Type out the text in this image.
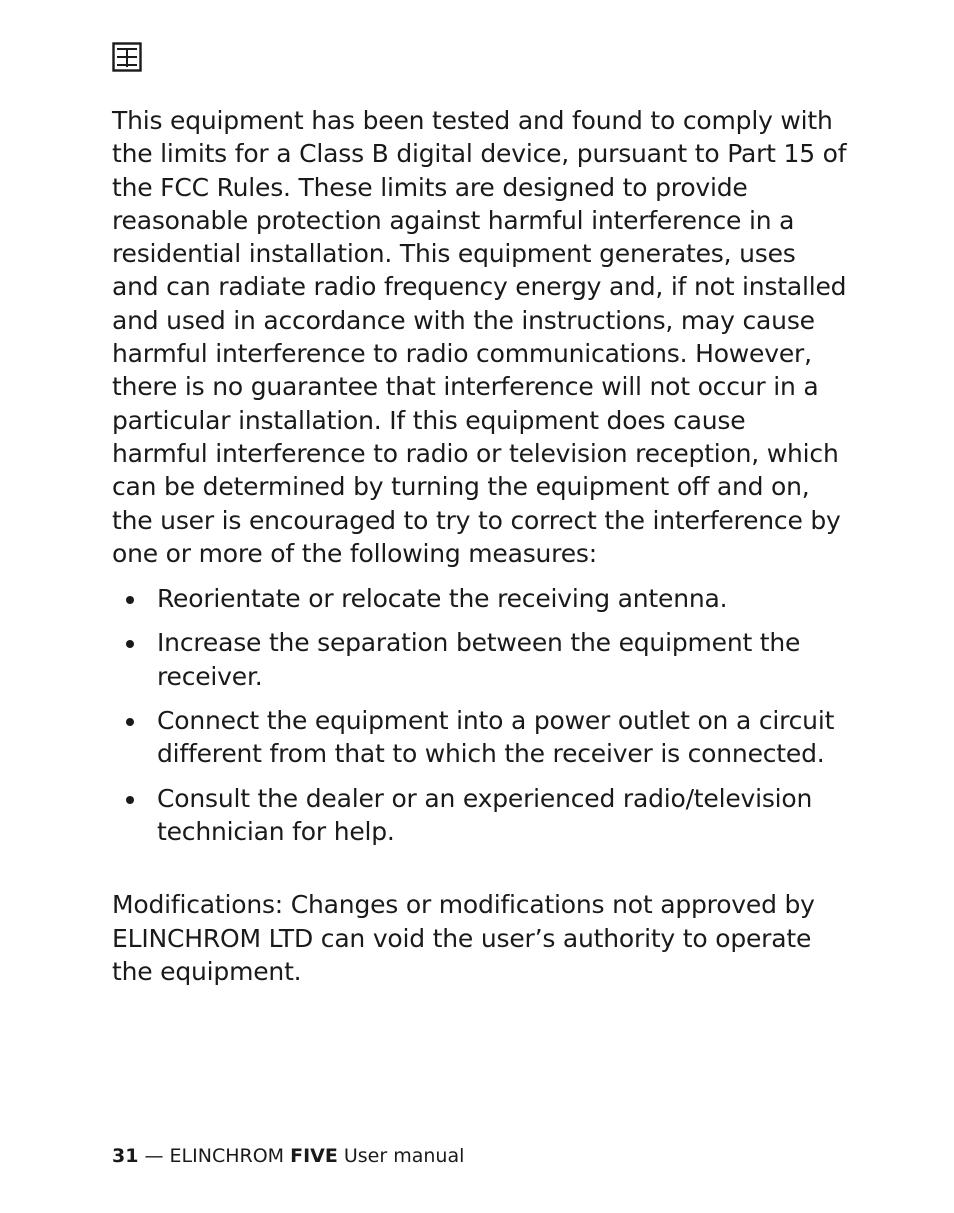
This equipment has been tested and found to comply with the limits for a Class B digital device, pursuant to Part 15 of the FCC Rules. These limits are designed to provide reasonable protection against harmful interference in a residential installation. This equipment generates, uses and can radiate radio frequency energy and, if not installed and used in accordance with the instructions, may cause harmful interference to radio communications. However, there is no guarantee that interference will not occur in a particular installation. If this equipment does cause harmful interference to radio or television reception, which can be determined by turning the equipment off and on, the user is encouraged to try to correct the interference by one or more of the following measures:

Reorientate or relocate the receiving antenna.
Increase the separation between the equipment the receiver.
Connect the equipment into a power outlet on a circuit different from that to which the receiver is connected.
Consult the dealer or an experienced radio/television technician for help.

Modifications: Changes or modifications not approved by ELINCHROM LTD can void the user’s authority to operate the equipment.

31 — ELINCHROM FIVE User manual
